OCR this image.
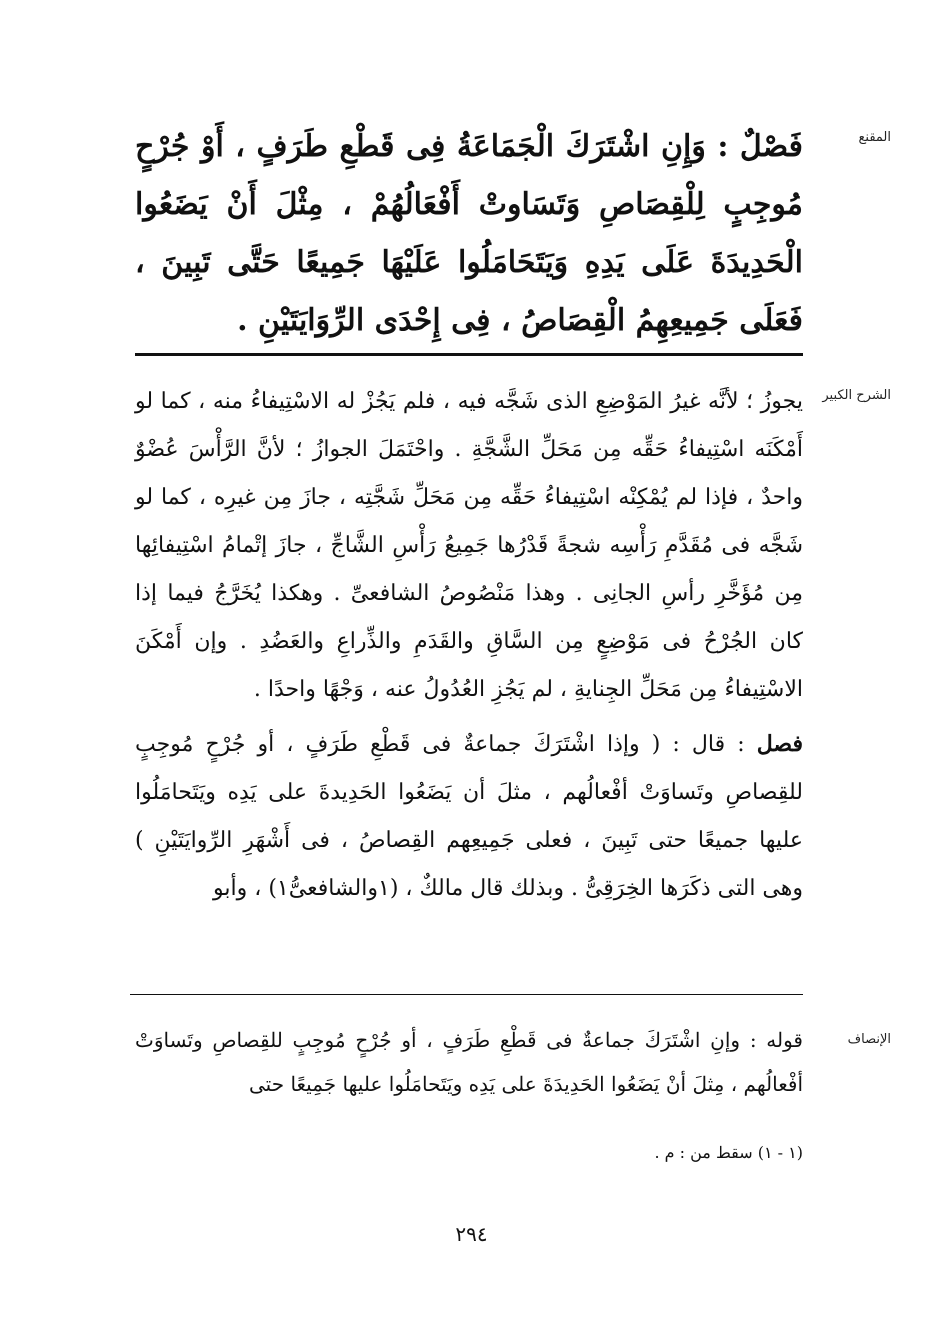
المقنع

فَصْلٌ : وَإِنِ اشْتَرَكَ الْجَمَاعَةُ فِى قَطْعِ طَرَفٍ ، أَوْ جُرْحٍ مُوجِبٍ لِلْقِصَاصِ وَتَسَاوتْ أَفْعَالُهُمْ ، مِثْلَ أَنْ يَضَعُوا الْحَدِيدَةَ عَلَى يَدِهِ وَيَتَحَامَلُوا عَلَيْهَا جَمِيعًا حَتَّى تَبِينَ ، فَعَلَى جَمِيعِهِمُ الْقِصَاصُ ، فِى إِحْدَى الرِّوَايَتَيْنِ .

الشرح الكبير

يجوزُ ؛ لأنَّه غيرُ المَوْضِعِ الذى شَجَّه فيه ، فلم يَجُزْ له الاسْتِيفاءُ منه ، كما لو أَمْكَنَه اسْتِيفاءُ حَقِّه مِن مَحَلِّ الشَّجَّةِ . واحْتَمَلَ الجوازُ ؛ لأنَّ الرَّأْسَ عُضْوٌ واحدٌ ، فإذا لم يُمْكِنْه اسْتِيفاءُ حَقِّه مِن مَحَلِّ شَجَّتِه ، جازَ مِن غيرِه ، كما لو شَجَّه فى مُقَدَّمِ رَأْسِه شجةً قَدْرُها جَمِيعُ رَأْسِ الشَّاجِّ ، جازَ إتْمامُ اسْتِيفائِها مِن مُؤَخَّرِ رأسِ الجانِى . وهذا مَنْصُوصُ الشافعىِّ . وهكذا يُخَرَّجُ فيما إذا كان الجُرْحُ فى مَوْضِعٍ مِن السَّاقِ والقَدَمِ والذِّراعِ والعَضُدِ . وإن أَمْكَنَ الاسْتِيفاءُ مِن مَحَلِّ الجِنايةِ ، لم يَجُزِ العُدُولُ عنه ، وَجْهًا واحدًا .

فصل : قال : ( وإذا اشْتَرَكَ جماعةٌ فى قَطْعِ طَرَفٍ ، أو جُرْحٍ مُوجِبٍ للقِصاصِ وتَساوَتْ أفْعالُهم ، مثلَ أن يَضَعُوا الحَدِيدةَ على يَدِه ويَتَحامَلُوا عليها جميعًا حتى تَبِينَ ، فعلى جَمِيعِهم القِصاصُ ، فى أَشْهَرِ الرِّوايَتَيْنِ ) وهى التى ذكَرَها الخِرَقِىُّ . وبذلك قال مالكٌ ، (١والشافعىُّ١) ، وأبو

الإنصاف

قوله : وإنِ اشْتَرَكَ جماعةٌ فى قَطْعِ طَرَفٍ ، أو جُرْحٍ مُوجِبٍ للقِصاصِ وتَساوَتْ أفْعالُهم ، مِثلَ أنْ يَضَعُوا الحَدِيدَةَ على يَدِه ويَتَحامَلُوا عليها جَمِيعًا حتى

(١ - ١) سقط من : م .
٢٩٤
